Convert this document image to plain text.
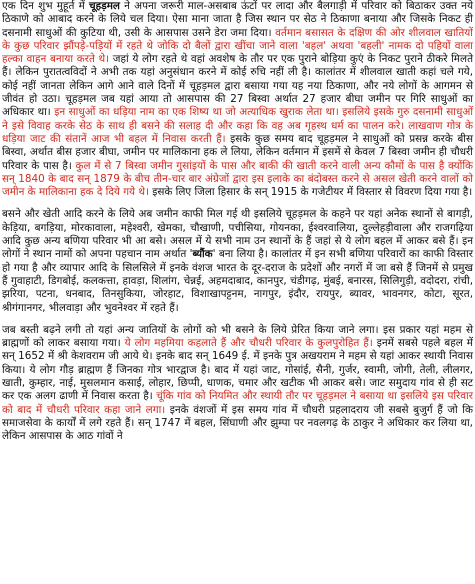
एक दिन शुभ मुहूर्त में चूहड़मल ने अपना जरूरी माल-असबाब ऊंटों पर लादा और बैलगाड़ी में परिवार को बिठाकर उक्त नये ठिकाणे को आबाद करने के लिये चल दिया। ऐसा माना जाता है जिस स्थान पर सेठ ने ठिकाणा बनाया और जिसके निकट ही दसनामी साधुओं की कुटिया थी, उसी के आसपास उसने डेरा जमा दिया। वर्तमान बसासत के दक्षिण की ओर शीलवाल खातियों के कुछ परिवार झौंपड़े-पड़ियों में रहते थे जोकि दो बैलों द्वारा खींचा जाने वाला 'बहल' अथवा 'बहली' नामक दो पहियों वाला हल्का वाहन बनाया करते थे। जहां ये लोग रहते थे वहां अवशेष के तौर पर एक पुराने बोड़िया कुएं के निकट पुराने ठीकरे मिलते हैं। लेकिन पुरातत्वविदों ने अभी तक यहां अनुसंधान करने में कोई रुचि नहीं ली है। कालांतर में शीलवाल खाती कहां चले गये, कोई नहीं जानता लेकिन आगे आने वाले दिनों में चूहड़मल द्वारा बसाया गया यह नया ठिकाणा, और नये लोगों के आगमन से जीवंत हो उठा। चूहड़मल जब यहां आया तो आसपास की 27 बिस्वा अर्थात 27 हजार बीघा जमीन पर गिरि साधुओं का अधिकार था। इन साधुओं का धड़िया नाम का एक शिष्य था जो अत्याधिक खुराक लेता था। इसलिये इसके गुरु दसनामी साधुओं ने इसे विवाह करके सेठ के साथ ही बसने की सलाह दी और कहा कि वह अब गृहस्थ धर्म का पालन करे। लाखवाण गोत्र के धड़िया जाट की संतानें आज भी बहल में निवास करती हैं। इसके कुछ समय बाद चूहड़मल ने साधुओं को प्रसन्न करके बीस बिस्वा, अर्थात बीस हजार बीघा, जमीन पर मालिकाना हक ले लिया, लेकिन वर्तमान में इसमें से केवल 7 बिस्वा जमीन ही चौधरी परिवार के पास है। कुल में से 7 बिस्वा जमीन गुसांइयों के पास और बाकी की खाती करने वाली अन्य कौमों के पास है क्योंकि सन् 1840 के बाद सन् 1879 के बीच तीन-चार बार अंग्रेजों द्वारा इस इलाके का बंदोबस्त करने से असल खेती करने वालों को जमीन के मालिकाना हक दे दिये गये थे। इसके लिए जिला हिसार के सन् 1915 के गजेटीयर में विस्तार से विवरण दिया गया है।

बसने और खेती आदि करने के लिये अब जमीन काफी मिल गई थी इसलिये चूहड़मल के कहने पर यहां अनेक स्थानों से बागड़ी, केड़िया, बगड़िया, मोरकावाला, महेश्वरी, खेमका, चौखाणी, पचीसिया, गोयनका, ईश्वरवालिया, दुल्लेहड़ीवाला और राजगढ़िया आदि कुछ अन्य बणिया परिवार भी आ बसे। असल में ये सभी नाम उन स्थानों के हैं जहां से ये लोग बहल में आकर बसे हैं। इन लोगों ने स्थान नामों को अपना पहचान नाम अर्थात 'ब्यौंक' बना लिया है। कालांतर में इन सभी बणिया परिवारों का काफी विस्तार हो गया है और व्यापार आदि के सिलसिले में इनके वंशज भारत के दूर-दराज के प्रदेशों और नगरों में जा बसे हैं जिनमें से प्रमुख हैं गुवाहाटी, डिगबोई, कलकत्ता, हावड़ा, शिलांग, चेन्नई, अहमदाबाद, कानपुर, चंडीगढ़, मुंबई, बनारस, सिलिगुड़ी, वदोदरा, रांची, झरिया, पटना, धनबाद, तिनसुकिया, जोरहाट, विशाखापट्टनम, नागपुर, इंदौर, रायपुर, ब्यावर, भावनगर, कोटा, सूरत, श्रीगंगानगर, भीलवाड़ा और भुवनेश्वर में रहते हैं।

जब बस्ती बढ़ने लगी तो यहां अन्य जातियों के लोगों को भी बसने के लिये प्रेरित किया जाने लगा। इस प्रकार यहां महम से ब्राह्मणों को लाकर बसाया गया। ये लोग महमिया कहलाते हैं और चौधरी परिवार के कुलपुरोहित हैं। इनमें सबसे पहले बहल में सन् 1652 में श्री केशवराम जी आये थे। इनके बाद सन् 1649 ई. में इनके पुत्र अखयराम ने महम से यहां आकर स्थायी निवास किया। ये लोग गौड़ ब्राह्मण हैं जिनका गोत्र भारद्वाज है। बाद में यहां जाट, गोसांई, सैनी, गुर्जर, स्वामी, जोगी, तेली, लीलगर, खाती, कुम्हार, नाई, मुसलमान कसाई, लोहार, छिप्पी, धाणक, चमार और खटीक भी आकर बसे। जाट समुदाय गांव से ही सट कर एक अलग ढाणी में निवास करता है। चूंकि गांव को नियमित और स्थायी तौर पर चूहड़मल ने बसाया था इसलिये इस परिवार को बाद में चौधरी परिवार कहा जाने लगा। इनके वंशजों में इस समय गांव में चौधरी प्रहलादराय जी सबसे बुजुर्ग हैं जो कि समाजसेवा के कार्यों में लगे रहते हैं। सन् 1747 में बहल, सिंघाणी और झुम्पा पर नवलगढ़ के ठाकुर ने अधिकार कर लिया था, लेकिन आसपास के आठ गांवों ने
